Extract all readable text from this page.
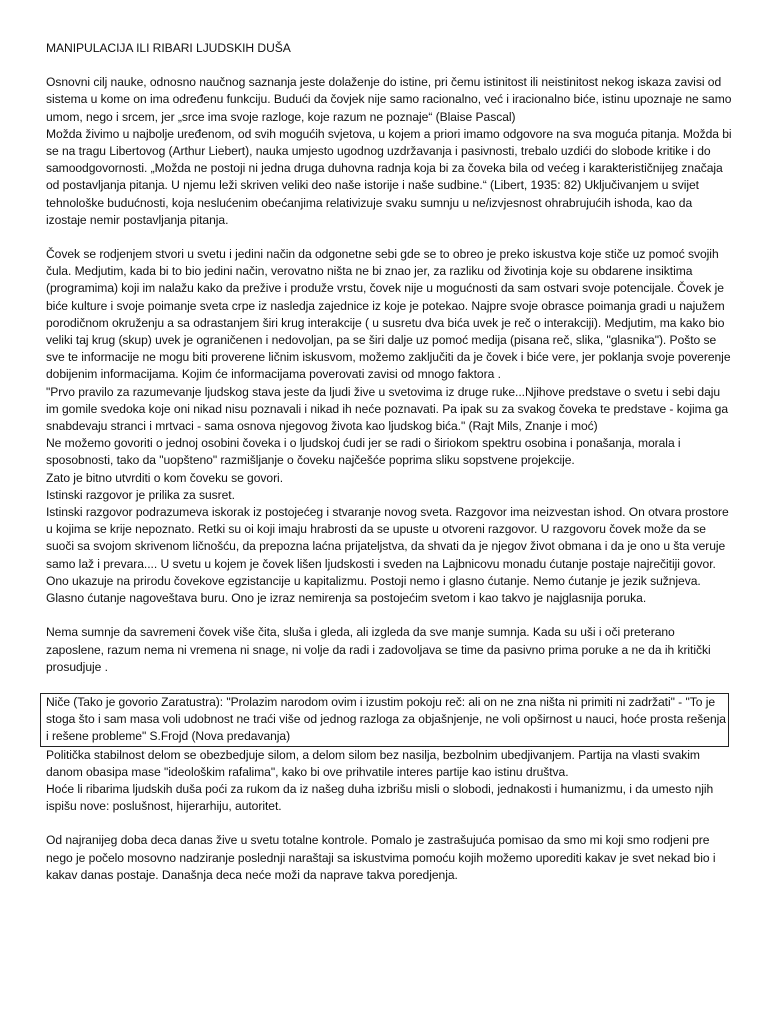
MANIPULACIJA ILI RIBARI LJUDSKIH DUŠA

Osnovni cilj nauke, odnosno naučnog saznanja jeste dolaženje do istine, pri čemu istinitost ili neistinitost nekog iskaza zavisi od sistema u kome on ima određenu funkciju. Budući da čovjek nije samo racionalno, već i iracionalno biće, istinu upoznaje ne samo umom, nego i srcem, jer „srce ima svoje razloge, koje razum ne poznaje“ (Blaise Pascal)

Možda živimo u najbolje uređenom, od svih mogućih svjetova, u kojem a priori imamo odgovore na sva moguća pitanja. Možda bi se na tragu Libertovog (Arthur Liebert), nauka umjesto ugodnog uzdržavanja i pasivnosti, trebalo uzdići do slobode kritike i do samoodgovornosti. „Možda ne postoji ni jedna druga duhovna radnja koja bi za čoveka bila od većeg i karakterističnijeg značaja od postavljanja pitanja. U njemu leži skriven veliki deo naše istorije i naše sudbine.“ (Libert, 1935: 82) Uključivanjem u svijet tehnološke budućnosti, koja neslućenim obećanjima relativizuje svaku sumnju u ne/izvjesnost ohrabrujućih ishoda, kao da izostaje nemir postavljanja pitanja.

Čovek se rodjenjem stvori u svetu i jedini način da odgonetne sebi gde se to obreo je preko iskustva koje stiče uz pomoć svojih čula. Medjutim, kada bi to bio jedini način, verovatno ništa ne bi znao jer, za razliku od životinja koje su obdarene insiktima (programima) koji im nalažu kako da prežive i produže vrstu, čovek nije u mogućnosti da sam ostvari svoje potencijale. Čovek je biće kulture i svoje poimanje sveta crpe iz nasledja zajednice iz koje je potekao. Najpre svoje obrasce poimanja gradi u najužem porodičnom okruženju a sa odrastanjem širi krug interakcije ( u susretu dva bića uvek je reč o interakciji). Medjutim, ma kako bio veliki taj krug (skup) uvek je ograničenen i nedovoljan, pa se širi dalje uz pomoć medija (pisana reč, slika, "glasnika"). Pošto se sve te informacije ne mogu biti proverene ličnim iskusvom, možemo zaključiti da je čovek i biće vere, jer poklanja svoje poverenje dobijenim informacijama. Kojim će informacijama poverovati zavisi od mnogo faktora .

"Prvo pravilo za razumevanje ljudskog stava jeste da ljudi žive u svetovima iz druge ruke...Njihove predstave o svetu i sebi daju im gomile svedoka koje oni nikad nisu poznavali i nikad ih neće poznavati. Pa ipak su za svakog čoveka te predstave - kojima ga snabdevaju stranci i mrtvaci - sama osnova njegovog života kao ljudskog bića." (Rajt Mils, Znanje i moć)

Ne možemo govoriti o jednoj osobini čoveka i o ljudskoj ćudi jer se radi o širiokom spektru osobina i ponašanja, morala i sposobnosti, tako da "uopšteno" razmišljanje o čoveku najčešće poprima sliku sopstvene projekcije.

Zato je bitno utvrditi o kom čoveku se govori.

Istinski razgovor je prilika za susret.

Istinski razgovor podrazumeva iskorak iz postojećeg i stvaranje novog sveta. Razgovor ima neizvestan ishod. On otvara prostore u kojima se krije nepoznato. Retki su oi koji imaju hrabrosti da se upuste u otvoreni razgovor. U razgovoru čovek može da se suoči sa svojom skrivenom ličnošću, da prepozna laćna prijateljstva, da shvati da je njegov život obmana i da je ono u šta veruje samo laž i prevara.... U svetu u kojem je čovek lišen ljudskosti i sveden na Lajbnicovu monadu ćutanje postaje najrečitiji govor. Ono ukazuje na prirodu čovekove egzistancije u kapitalizmu. Postoji nemo i glasno ćutanje. Nemo ćutanje je jezik sužnjeva. Glasno ćutanje nagoveštava buru. Ono je izraz nemirenja sa postojećim svetom i kao takvo je najglasnija poruka.

Nema sumnje da savremeni čovek više čita, sluša i gleda, ali izgleda da sve manje sumnja. Kada su uši i oči preterano zaposlene, razum nema ni vremena ni snage, ni volje da radi i zadovoljava se time da pasivno prima poruke a ne da ih kritički prosudjuje .

Niče (Tako je govorio Zaratustra): "Prolazim narodom ovim i izustim pokoju reč: ali on ne zna ništa ni primiti ni zadržati" - "To je stoga što i sam masa voli udobnost ne traći više od jednog razloga za objašnjenje, ne voli opširnost u nauci, hoće prosta rešenja i rešene probleme" S.Frojd (Nova predavanja)

Politička stabilnost delom se obezbedjuje silom, a delom silom bez nasilja, bezbolnim ubedjivanjem. Partija na vlasti svakim danom obasipa mase "ideološkim rafalima", kako bi ove prihvatile interes partije kao istinu društva.

Hoće li ribarima ljudskih duša poći za rukom da iz našeg duha izbrišu misli o slobodi, jednakosti i humanizmu, i da umesto njih ispišu nove: poslušnost, hijerarhiju, autoritet.

Od najranijeg doba deca danas žive u svetu totalne kontrole. Pomalo je zastrašujuća pomisao da smo mi koji smo rodjeni pre nego je počelo mosovno nadziranje poslednji naraštaji sa iskustvima pomoću kojih možemo uporediti kakav je svet nekad bio i kakav danas postaje. Današnja deca neće moži da naprave takva poredjenja.
